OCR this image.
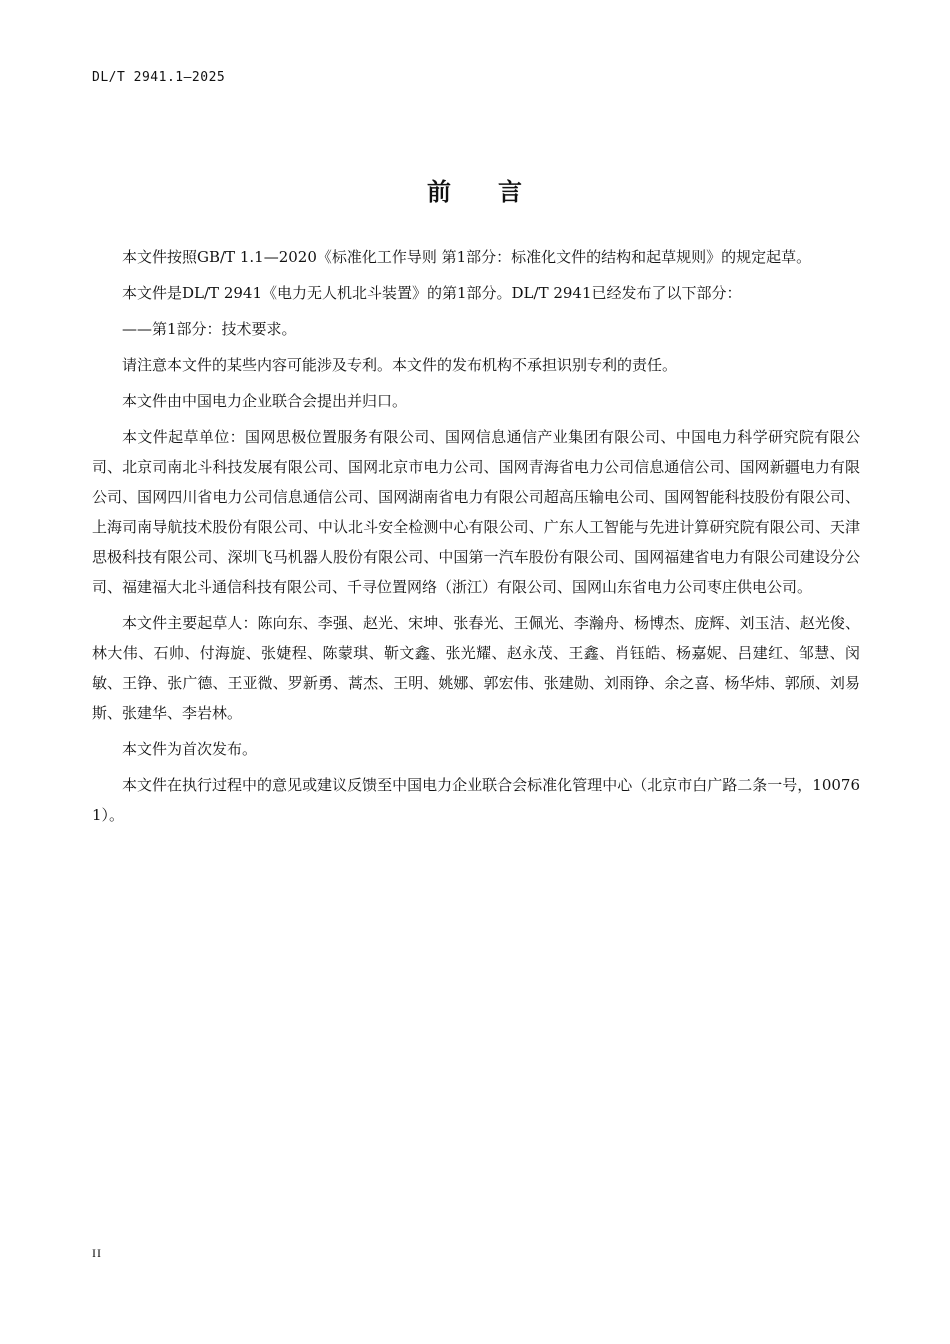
DL/T 2941.1—2025
前 言

本文件按照GB/T 1.1—2020《标准化工作导则 第1部分：标准化文件的结构和起草规则》的规定起草。

本文件是DL/T 2941《电力无人机北斗装置》的第1部分。DL/T 2941已经发布了以下部分：

——第1部分：技术要求。

请注意本文件的某些内容可能涉及专利。本文件的发布机构不承担识别专利的责任。

本文件由中国电力企业联合会提出并归口。

本文件起草单位：国网思极位置服务有限公司、国网信息通信产业集团有限公司、中国电力科学研究院有限公司、北京司南北斗科技发展有限公司、国网北京市电力公司、国网青海省电力公司信息通信公司、国网新疆电力有限公司、国网四川省电力公司信息通信公司、国网湖南省电力有限公司超高压输电公司、国网智能科技股份有限公司、上海司南导航技术股份有限公司、中认北斗安全检测中心有限公司、广东人工智能与先进计算研究院有限公司、天津思极科技有限公司、深圳飞马机器人股份有限公司、中国第一汽车股份有限公司、国网福建省电力有限公司建设分公司、福建福大北斗通信科技有限公司、千寻位置网络（浙江）有限公司、国网山东省电力公司枣庄供电公司。

本文件主要起草人：陈向东、李强、赵光、宋坤、张春光、王佩光、李瀚舟、杨博杰、庞辉、刘玉洁、赵光俊、林大伟、石帅、付海旋、张婕程、陈蒙琪、靳文鑫、张光耀、赵永茂、王鑫、肖钰皓、杨嘉妮、吕建红、邹慧、闵敏、王铮、张广德、王亚微、罗新勇、蒿杰、王明、姚娜、郭宏伟、张建勋、刘雨铮、余之喜、杨华炜、郭颀、刘易斯、张建华、李岩林。

本文件为首次发布。

本文件在执行过程中的意见或建议反馈至中国电力企业联合会标准化管理中心（北京市白广路二条一号，100761）。

II
